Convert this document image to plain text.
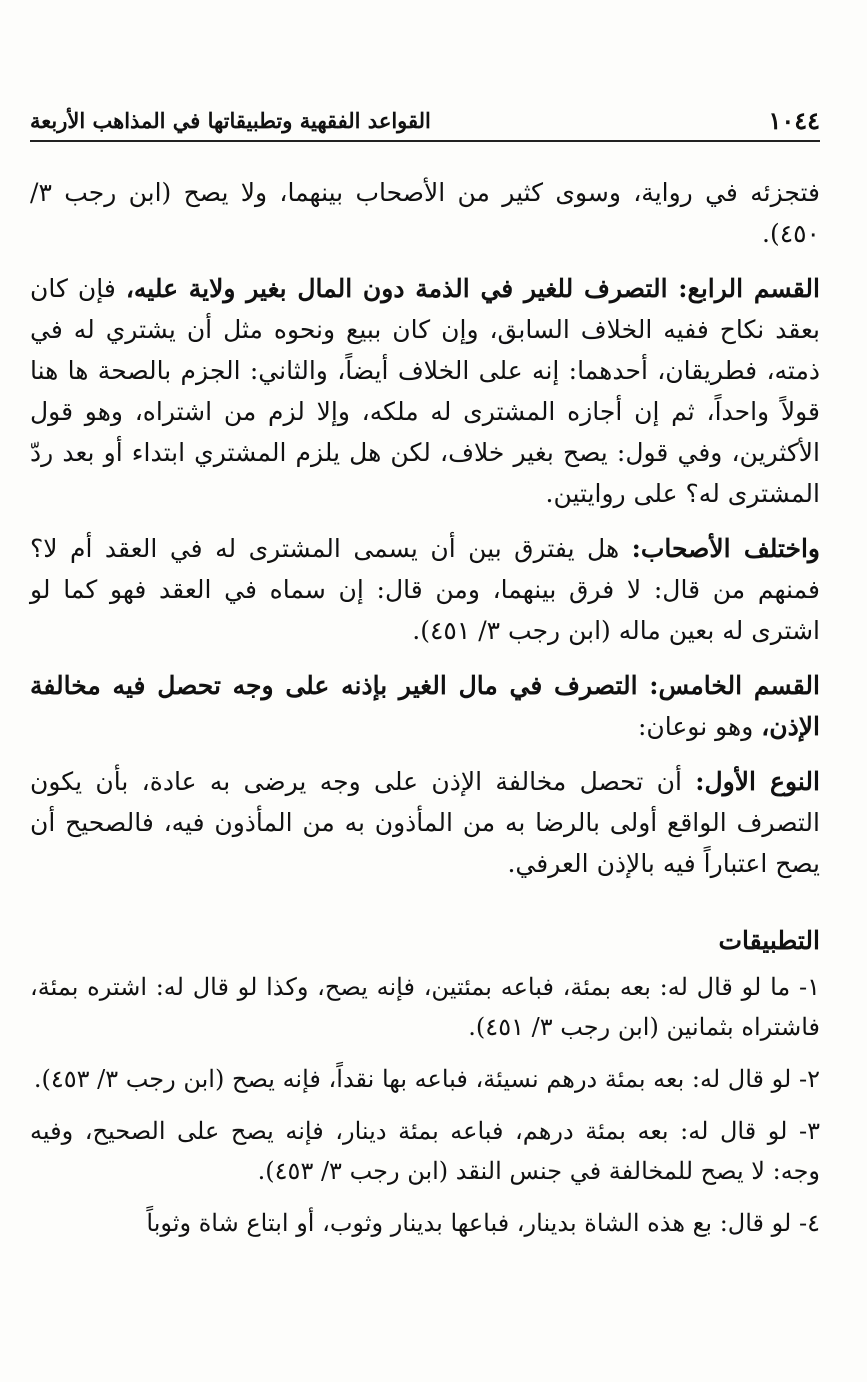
١٠٤٤
القواعد الفقهية وتطبيقاتها في المذاهب الأربعة

فتجزئه في رواية، وسوى كثير من الأصحاب بينهما، ولا يصح (ابن رجب ٣/ ٤٥٠).

القسم الرابع: التصرف للغير في الذمة دون المال بغير ولاية عليه، فإن كان بعقد نكاح ففيه الخلاف السابق، وإن كان ببيع ونحوه مثل أن يشتري له في ذمته، فطريقان، أحدهما: إنه على الخلاف أيضاً، والثاني: الجزم بالصحة ها هنا قولاً واحداً، ثم إن أجازه المشترى له ملكه، وإلا لزم من اشتراه، وهو قول الأكثرين، وفي قول: يصح بغير خلاف، لكن هل يلزم المشتري ابتداء أو بعد ردّ المشترى له؟ على روايتين.

واختلف الأصحاب: هل يفترق بين أن يسمى المشترى له في العقد أم لا؟ فمنهم من قال: لا فرق بينهما، ومن قال: إن سماه في العقد فهو كما لو اشترى له بعين ماله (ابن رجب ٣/ ٤٥١).

القسم الخامس: التصرف في مال الغير بإذنه على وجه تحصل فيه مخالفة الإذن، وهو نوعان:

النوع الأول: أن تحصل مخالفة الإذن على وجه يرضى به عادة، بأن يكون التصرف الواقع أولى بالرضا به من المأذون به من المأذون فيه، فالصحيح أن يصح اعتباراً فيه بالإذن العرفي.

التطبيقات

١- ما لو قال له: بعه بمئة، فباعه بمئتين، فإنه يصح، وكذا لو قال له: اشتره بمئة، فاشتراه بثمانين (ابن رجب ٣/ ٤٥١).

٢- لو قال له: بعه بمئة درهم نسيئة، فباعه بها نقداً، فإنه يصح (ابن رجب ٣/ ٤٥٣).

٣- لو قال له: بعه بمئة درهم، فباعه بمئة دينار، فإنه يصح على الصحيح، وفيه وجه: لا يصح للمخالفة في جنس النقد (ابن رجب ٣/ ٤٥٣).

٤- لو قال: بع هذه الشاة بدينار، فباعها بدينار وثوب، أو ابتاع شاة وثوباً
